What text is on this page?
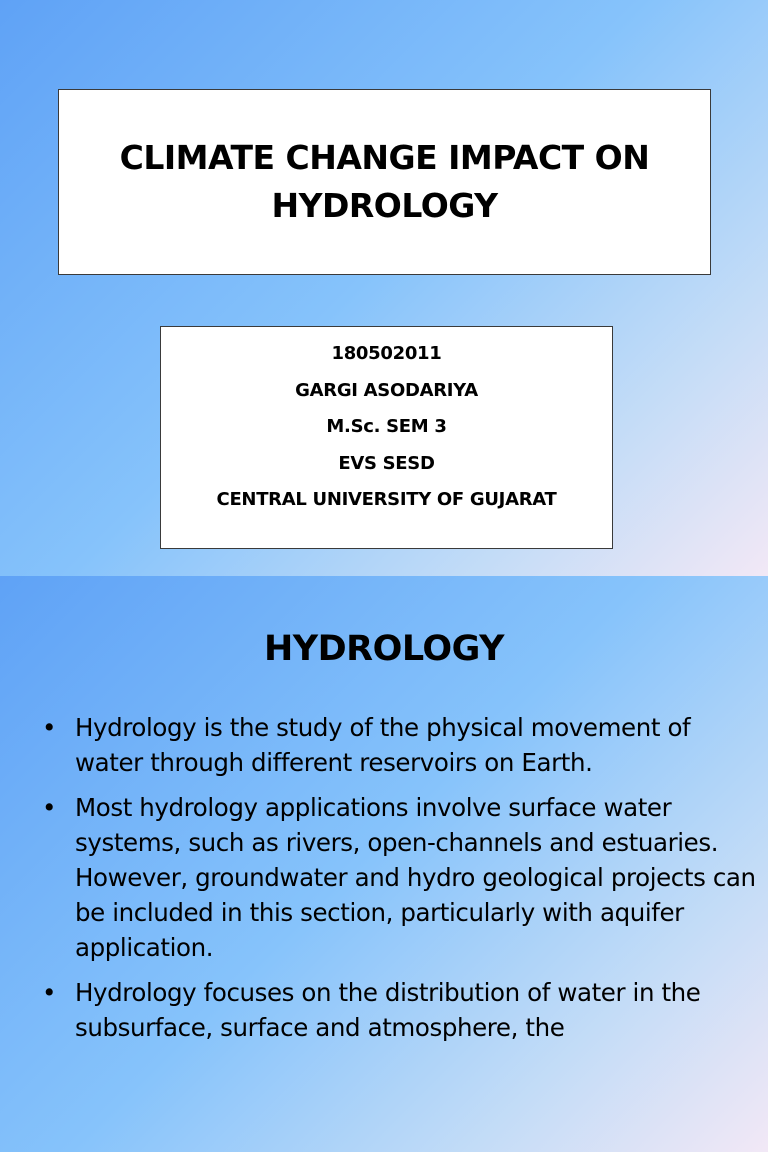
CLIMATE CHANGE IMPACT ON HYDROLOGY
180502011
GARGI ASODARIYA
M.Sc. SEM 3
EVS SESD
CENTRAL UNIVERSITY OF GUJARAT
HYDROLOGY
• Hydrology is the study of the physical movement of water through different reservoirs on Earth.
• Most hydrology applications involve surface water systems, such as rivers, open-channels and estuaries. However, groundwater and hydro geological projects can be included in this section, particularly with aquifer application.
• Hydrology focuses on the distribution of water in the subsurface, surface and atmosphere, the
